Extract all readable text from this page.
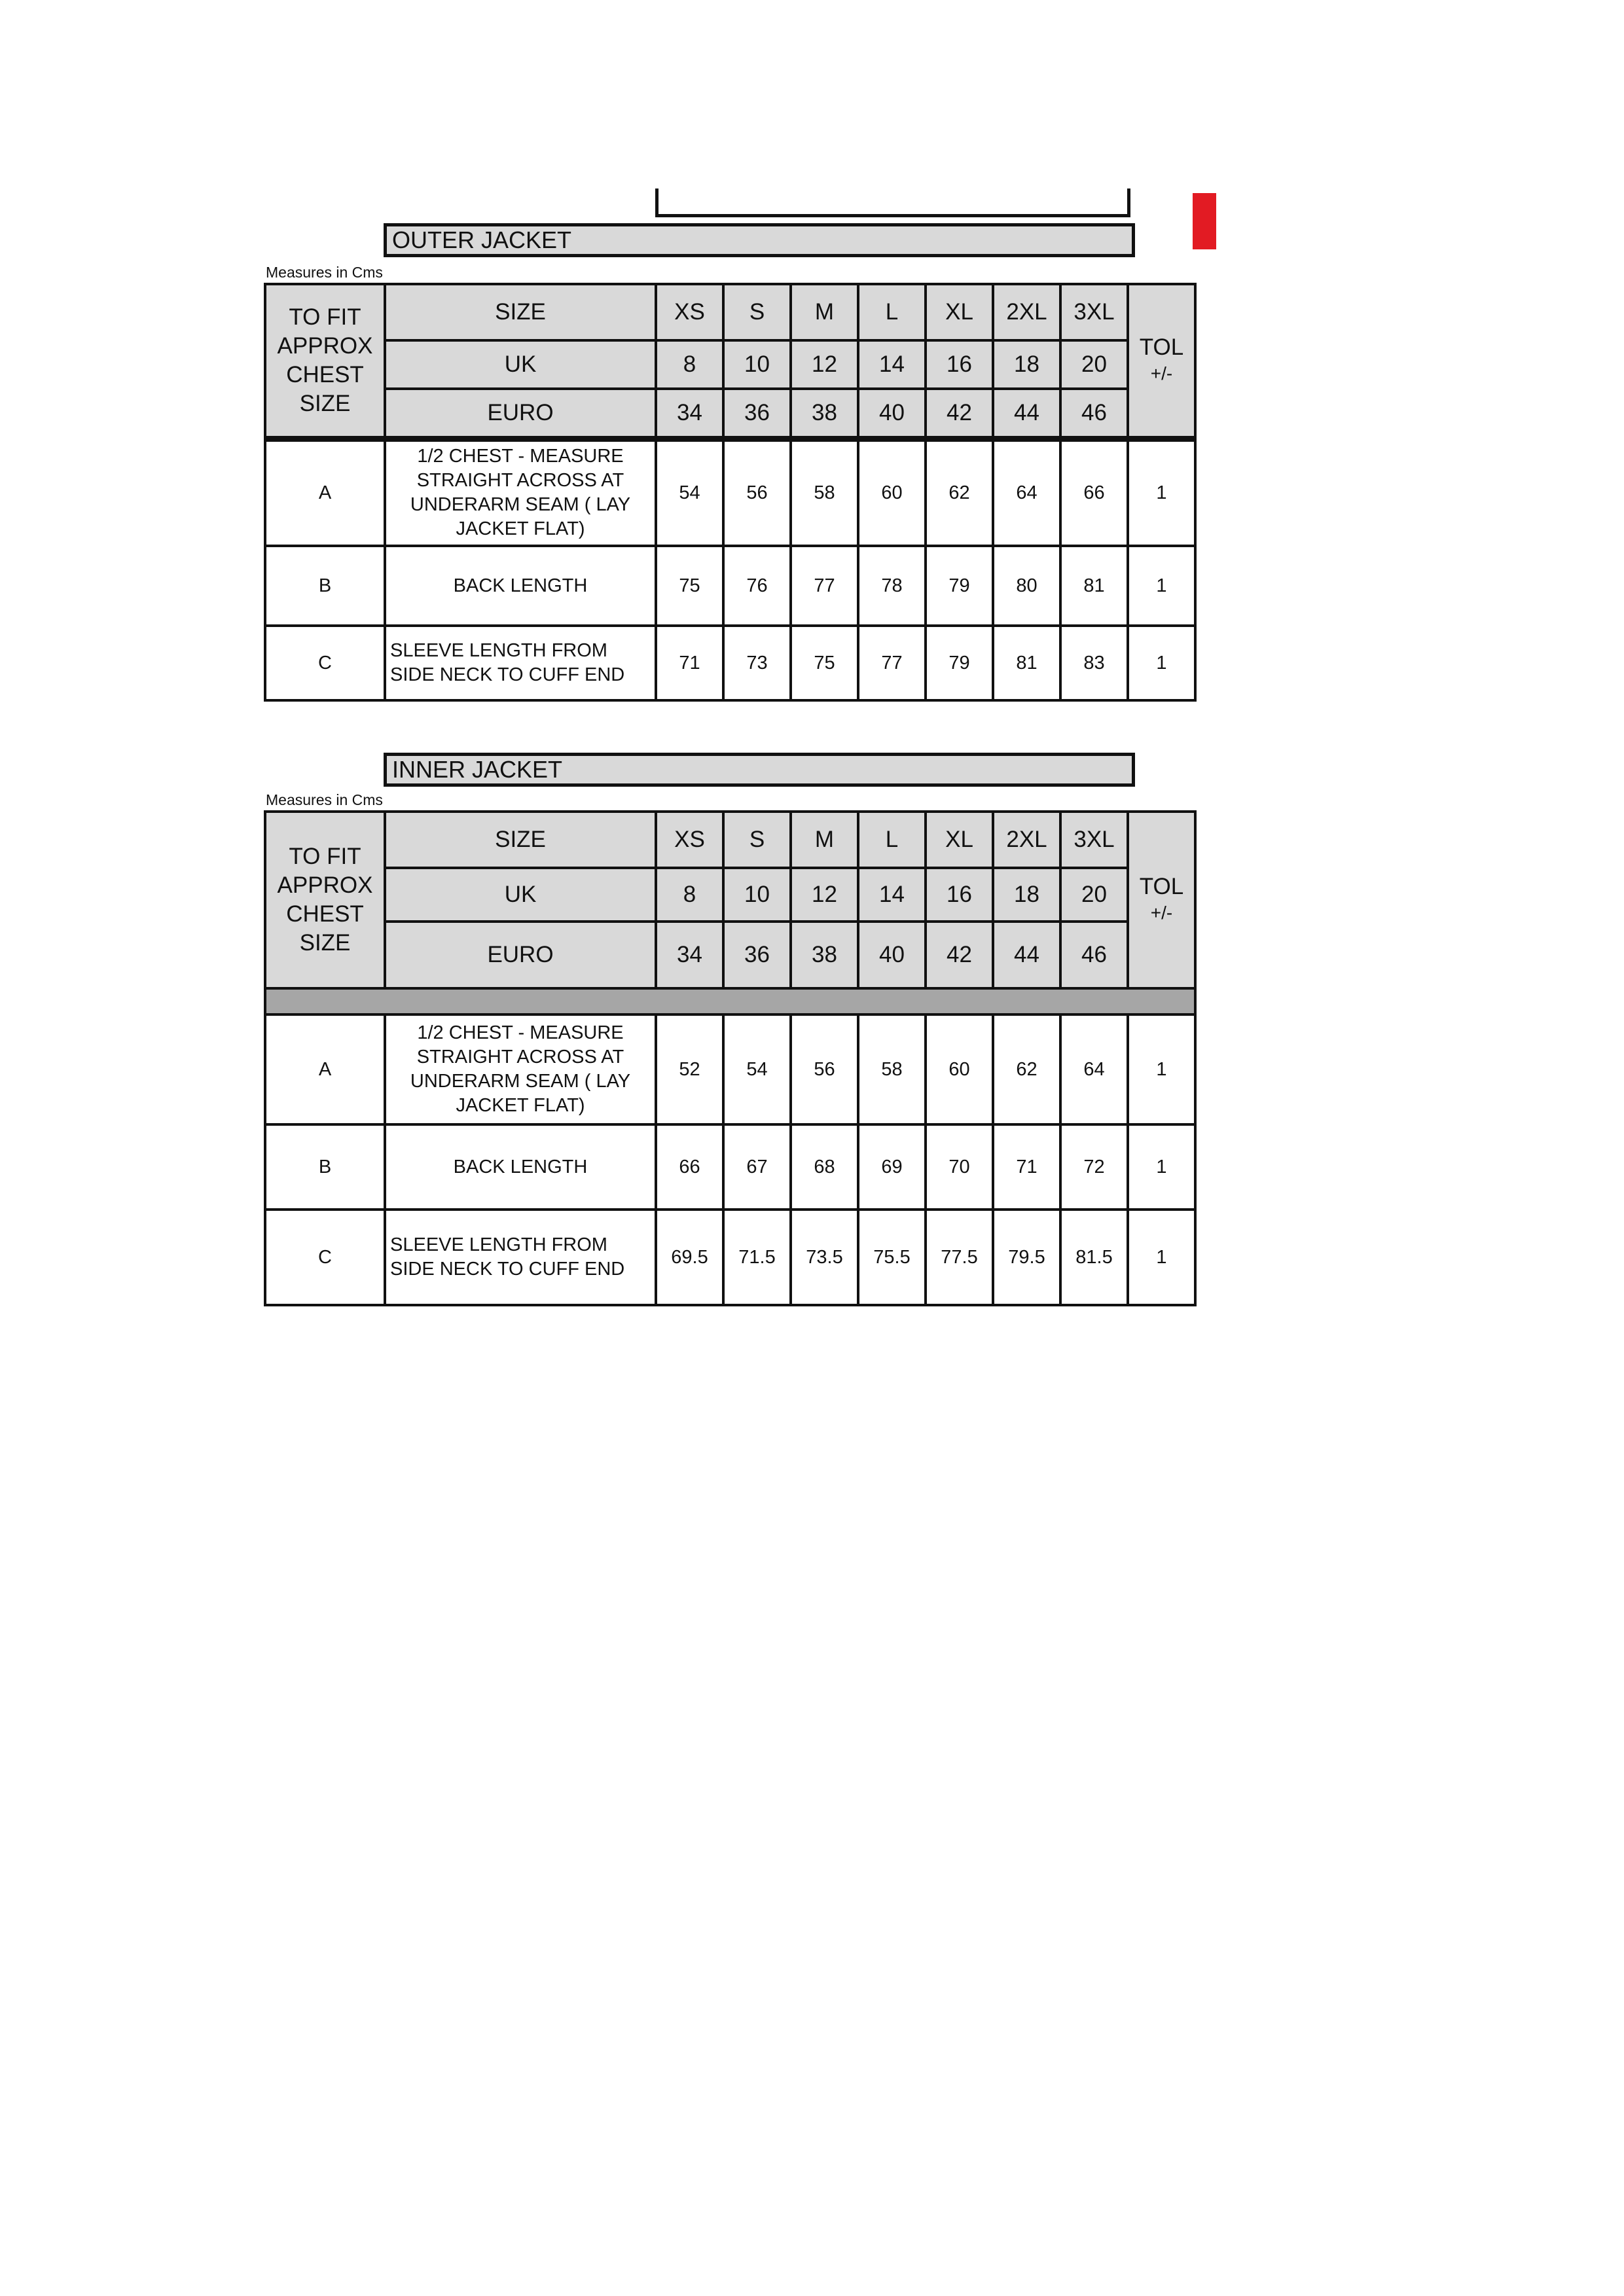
OUTER JACKET
Measures in Cms
TO FIT
APPROX
CHEST
SIZE	SIZE	XS	S	M	L	XL	2XL	3XL	TOL
+/-
	UK	8	10	12	14	16	18	20	
	EURO	34	36	38	40	42	44	46	
A	1/2 CHEST - MEASURE STRAIGHT ACROSS AT UNDERARM SEAM ( LAY JACKET FLAT)	54	56	58	60	62	64	66	1
B	BACK LENGTH	75	76	77	78	79	80	81	1
C	SLEEVE LENGTH FROM SIDE NECK TO CUFF END	71	73	75	77	79	81	83	1
INNER JACKET
Measures in Cms
TO FIT
APPROX
CHEST
SIZE	SIZE	XS	S	M	L	XL	2XL	3XL	TOL
+/-
	UK	8	10	12	14	16	18	20	
	EURO	34	36	38	40	42	44	46	

A	1/2 CHEST - MEASURE STRAIGHT ACROSS AT UNDERARM SEAM ( LAY JACKET FLAT)	52	54	56	58	60	62	64	1
B	BACK LENGTH	66	67	68	69	70	71	72	1
C	SLEEVE LENGTH FROM SIDE NECK TO CUFF END	69.5	71.5	73.5	75.5	77.5	79.5	81.5	1
